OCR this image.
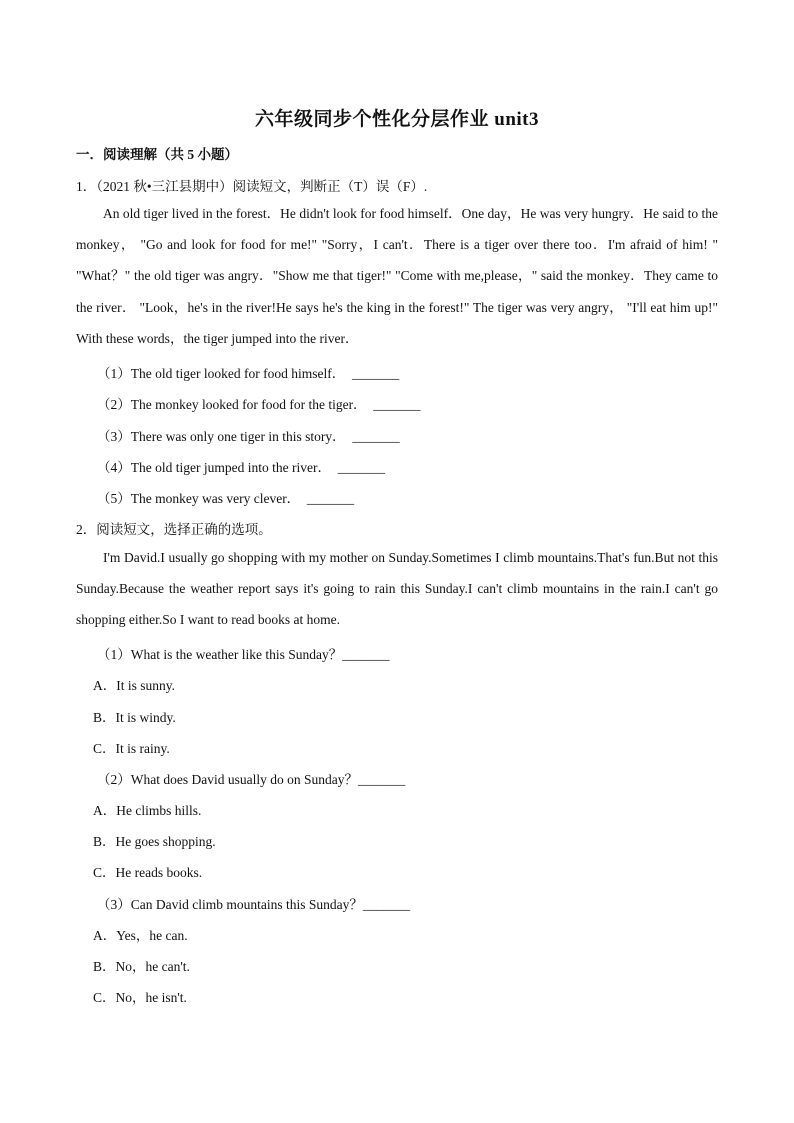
六年级同步个性化分层作业 unit3
一．阅读理解（共 5 小题）
1．（2021 秋•三江县期中）阅读短文，判断正（T）误（F）.
An old tiger lived in the forest．He didn't look for food himself．One day，He was very hungry．He said to the monkey， "Go and look for food for me!" "Sorry，I can't．There is a tiger over there too．I'm afraid of him! " "What？" the old tiger was angry．"Show me that tiger!" "Come with me,please，" said the monkey．They came to the river． "Look，he's in the river!He says he's the king in the forest!" The tiger was very angry， "I'll eat him up!" With these words，the tiger jumped into the river．
（1）The old tiger looked for food himself．  _______
（2）The monkey looked for food for the tiger．  _______
（3）There was only one tiger in this story．  _______
（4）The old tiger jumped into the river．  _______
（5）The monkey was very clever．  _______
2．阅读短文，选择正确的选项。
I'm David.I usually go shopping with my mother on Sunday.Sometimes I climb mountains.That's fun.But not this Sunday.Because the weather report says it's going to rain this Sunday.I can't climb mountains in the rain.I can't go shopping either.So I want to read books at home.
（1）What is the weather like this Sunday？_______
A．It is sunny.
B．It is windy.
C．It is rainy.
（2）What does David usually do on Sunday？_______
A．He climbs hills.
B．He goes shopping.
C．He reads books.
（3）Can David climb mountains this Sunday？_______
A．Yes，he can.
B．No，he can't.
C．No，he isn't.
